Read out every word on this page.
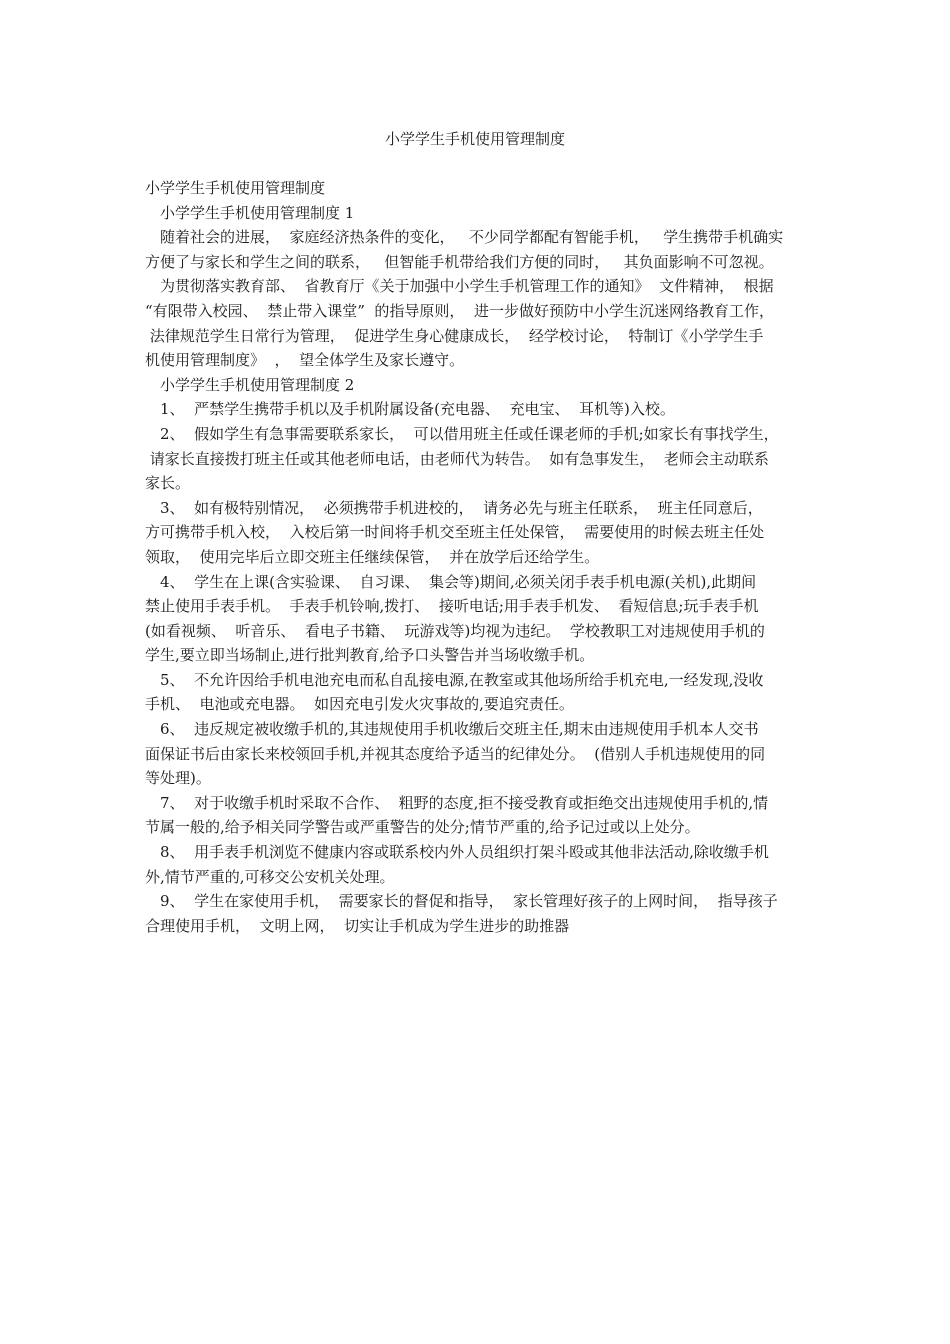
小学学生手机使用管理制度

小学学生手机使用管理制度

小学学生手机使用管理制度 1

随着社会的进展，  家庭经济热条件的变化，   不少同学都配有智能手机，   学生携带手机确实

方便了与家长和学生之间的联系，   但智能手机带给我们方便的同时，   其负面影响不可忽视。

为贯彻落实教育部、  省教育厅《关于加强中小学生手机管理工作的通知》  文件精神，  根据

“有限带入校园、  禁止带入课堂”  的指导原则，  进一步做好预防中小学生沉迷网络教育工作，

法律规范学生日常行为管理，  促进学生身心健康成长，  经学校讨论，  特制订《小学学生手

机使用管理制度》  ，  望全体学生及家长遵守。

小学学生手机使用管理制度 2

1、  严禁学生携带手机以及手机附属设备(充电器、  充电宝、  耳机等)入校。

2、  假如学生有急事需要联系家长，  可以借用班主任或任课老师的手机;如家长有事找学生，

请家长直接拨打班主任或其他老师电话，由老师代为转告。  如有急事发生，  老师会主动联系

家长。

3、  如有极特别情况，  必须携带手机进校的，  请务必先与班主任联系，  班主任同意后，

方可携带手机入校，  入校后第一时间将手机交至班主任处保管，  需要使用的时候去班主任处

领取，  使用完毕后立即交班主任继续保管，  并在放学后还给学生。

4、  学生在上课(含实验课、  自习课、  集会等)期间,必须关闭手表手机电源(关机),此期间

禁止使用手表手机。  手表手机铃响,拨打、  接听电话;用手表手机发、  看短信息;玩手表手机

(如看视频、  听音乐、  看电子书籍、  玩游戏等)均视为违纪。  学校教职工对违规使用手机的

学生,要立即当场制止,进行批判教育,给予口头警告并当场收缴手机。

5、  不允许因给手机电池充电而私自乱接电源,在教室或其他场所给手机充电,一经发现,没收

手机、  电池或充电器。  如因充电引发火灾事故的,要追究责任。

6、  违反规定被收缴手机的,其违规使用手机收缴后交班主任,期末由违规使用手机本人交书

面保证书后由家长来校领回手机,并视其态度给予适当的纪律处分。  (借别人手机违规使用的同

等处理)。

7、  对于收缴手机时采取不合作、  粗野的态度,拒不接受教育或拒绝交出违规使用手机的,情

节属一般的,给予相关同学警告或严重警告的处分;情节严重的,给予记过或以上处分。

8、  用手表手机浏览不健康内容或联系校内外人员组织打架斗殴或其他非法活动,除收缴手机

外,情节严重的,可移交公安机关处理。

9、  学生在家使用手机，  需要家长的督促和指导，  家长管理好孩子的上网时间，  指导孩子

合理使用手机，  文明上网，  切实让手机成为学生进步的助推器
